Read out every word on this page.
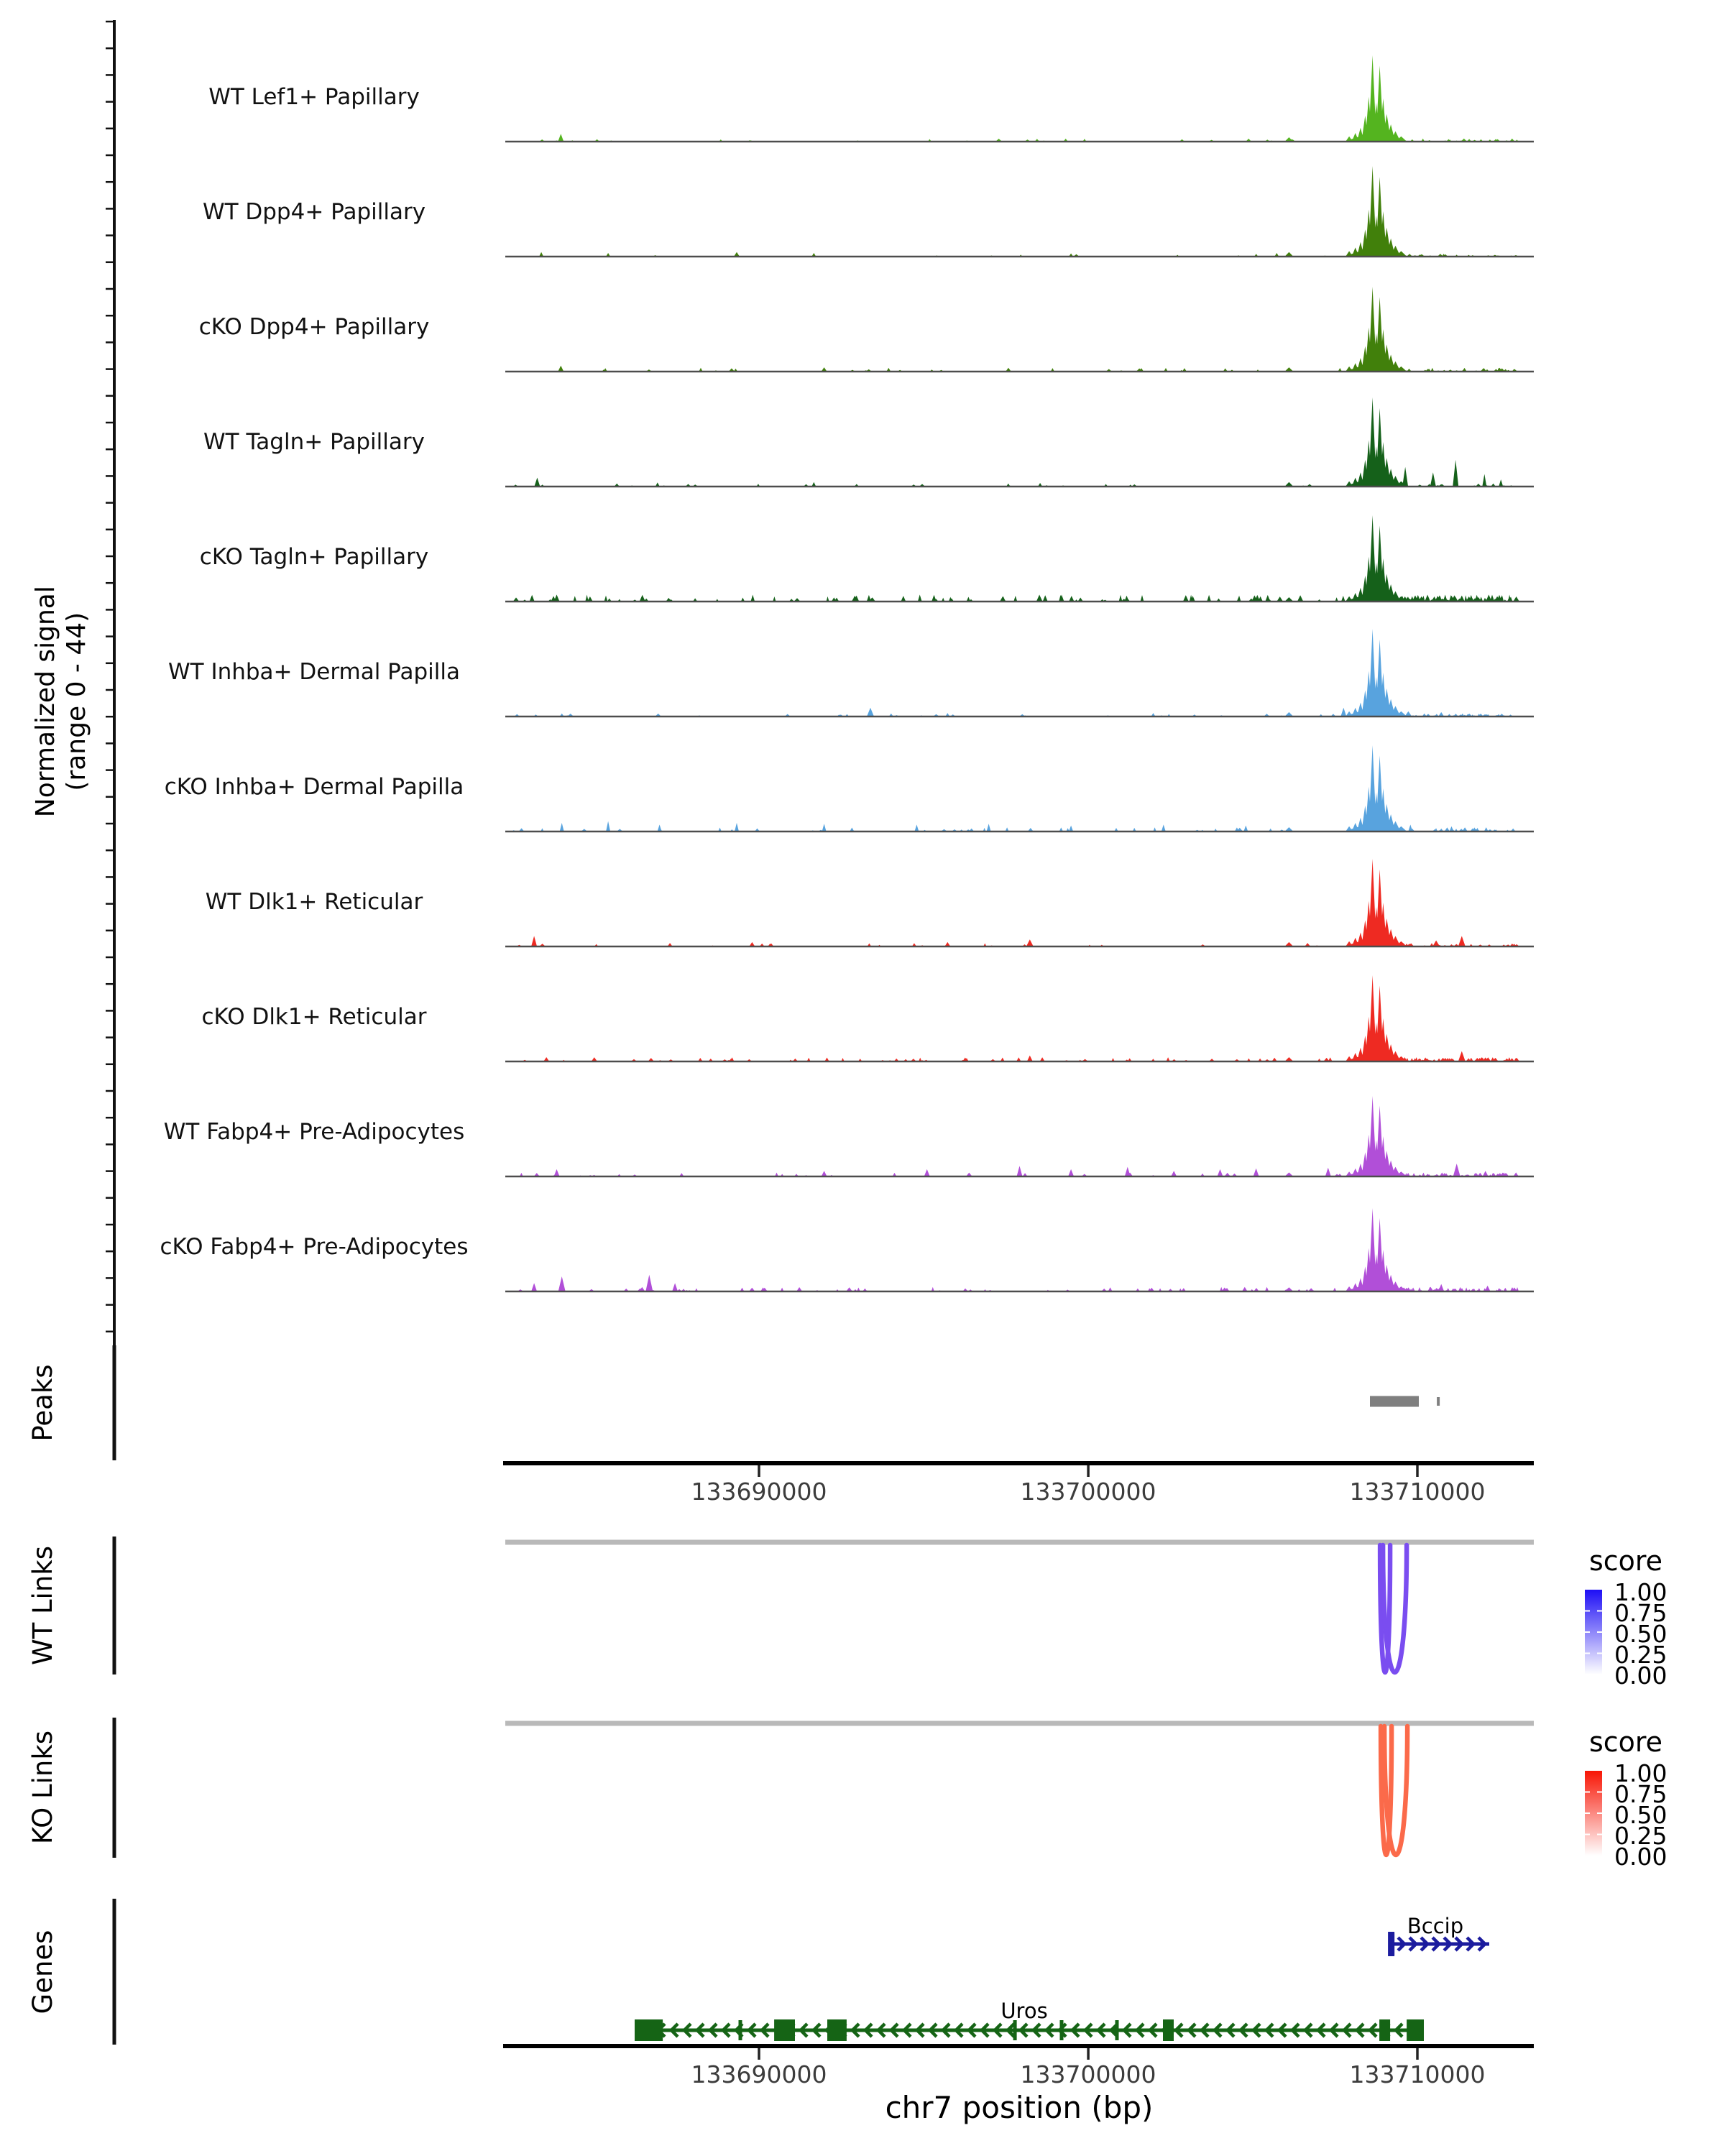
Normalized signal (range 0 - 44)
WT Lef1+ Papillary
WT Dpp4+ Papillary
cKO Dpp4+ Papillary
WT Tagln+ Papillary
cKO Tagln+ Papillary
WT Inhba+ Dermal Papilla
cKO Inhba+ Dermal Papilla
WT Dlk1+ Reticular
cKO Dlk1+ Reticular
WT Fabp4+ Pre-Adipocytes
cKO Fabp4+ Pre-Adipocytes
Peaks
WT Links
KO Links
Genes
133690000	133700000	133710000
133690000	133700000	133710000
chr7 position (bp)
score
1.00
0.75
0.50
0.25
0.00
score
1.00
0.75
0.50
0.25
0.00
Bccip
Uros
